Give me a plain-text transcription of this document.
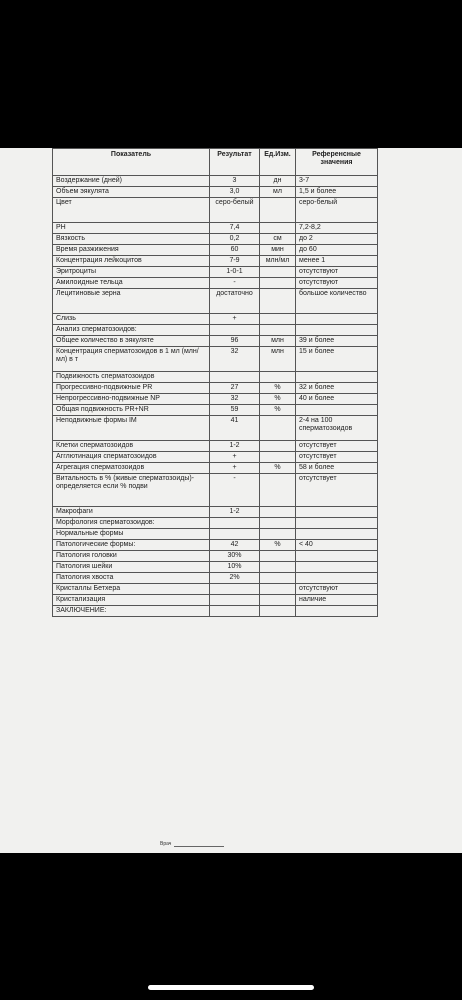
Показатель	Результат	Ед.Изм.	Референсные значения
Воздержание (дней)	3	дн	3-7
Объем эякулята	3,0	мл	1,5 и более
Цвет	серо-белый		серо-белый
PH	7,4		7,2-8,2
Вязкость	0,2	см	до 2
Время разжижения	60	мин	до 60
Концентрация лейкоцитов	7-9	млн/мл	менее 1
Эритроциты	1-0-1		отсутствуют
Амилоидные тельца	-		отсутствуют
Лецитиновые зерна	достаточно		большое количество
Слизь	+		
Анализ сперматозоидов:			
Общее количество в эякуляте	96	млн	39 и более
Концентрация сперматозоидов в 1 мл (млн/мл) в т	32	млн	15 и более
Подвижность сперматозоидов			
Прогрессивно-подвижные PR	27	%	32 и более
Непрогрессивно-подвижные NP	32	%	40 и более
Общая подвижность PR+NR	59	%	
Неподвижные формы IM	41		2-4 на 100 сперматозоидов
Клетки сперматозоидов	1-2		отсутствует
Агглютинация сперматозоидов	+		отсутствует
Агрегация сперматозоидов	+	%	58 и более
Витальность в % (живые сперматозоиды)- определяется если % подви	-		отсутствует
Макрофаги	1-2		
Морфология сперматозоидов:			
Нормальные формы			
Патологические формы:	42	%	< 40
Патология головки	30%		
Патология шейки	10%		
Патология хвоста	2%		
Кристаллы Бетхера			отсутствуют
Кристализация			наличие
ЗАКЛЮЧЕНИЕ:			
Врач
